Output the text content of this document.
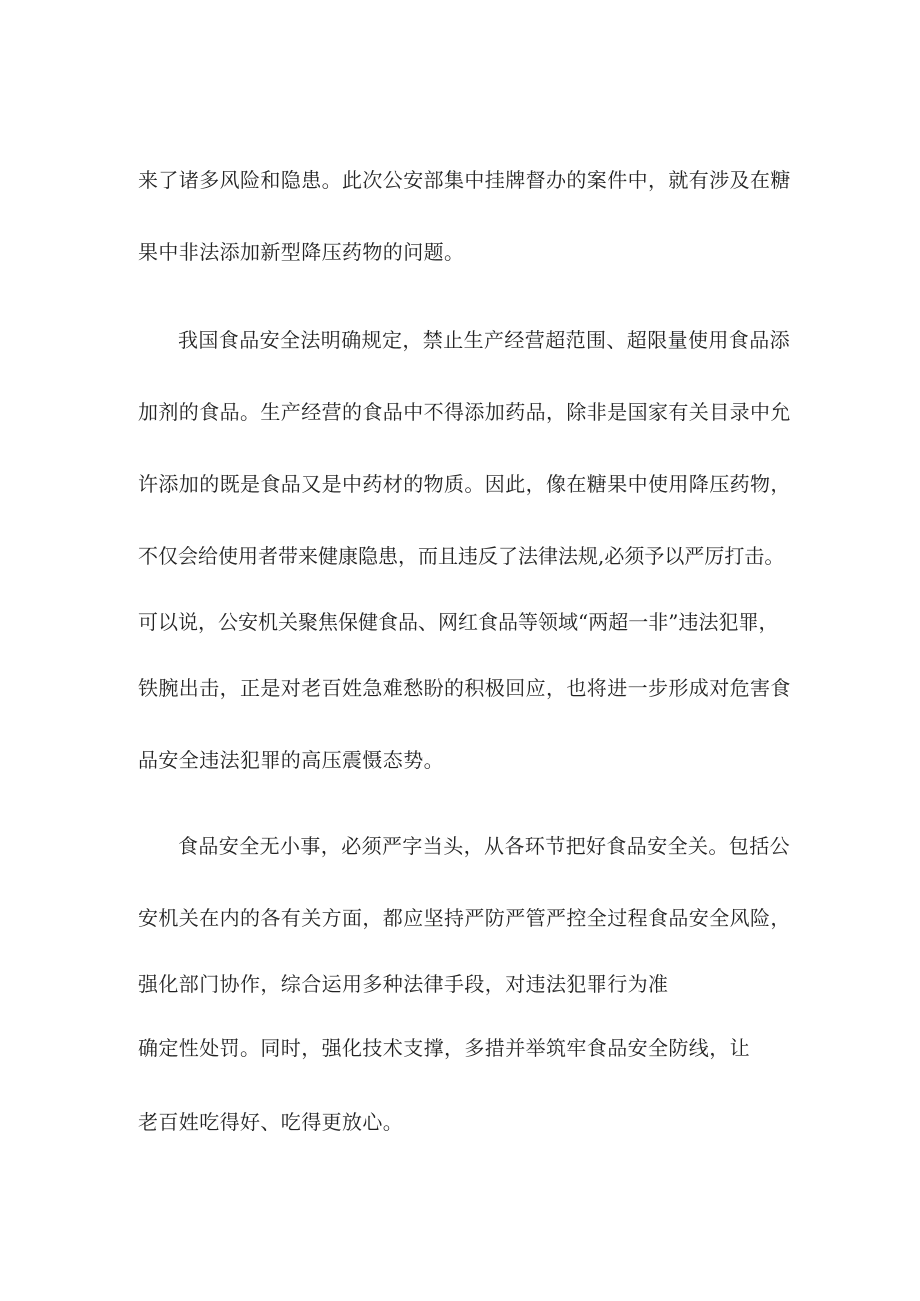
来了诸多风险和隐患。此次公安部集中挂牌督办的案件中，就有涉及在糖
果中非法添加新型降压药物的问题。
我国食品安全法明确规定，禁止生产经营超范围、超限量使用食品添
加剂的食品。生产经营的食品中不得添加药品，除非是国家有关目录中允
许添加的既是食品又是中药材的物质。因此，像在糖果中使用降压药物，
不仅会给使用者带来健康隐患，而且违反了法律法规,必须予以严厉打击。
可以说，公安机关聚焦保健食品、网红食品等领域“两超一非”违法犯罪，
铁腕出击，正是对老百姓急难愁盼的积极回应，也将进一步形成对危害食
品安全违法犯罪的高压震慑态势。
食品安全无小事，必须严字当头，从各环节把好食品安全关。包括公
安机关在内的各有关方面，都应坚持严防严管严控全过程食品安全风险，
强化部门协作，综合运用多种法律手段，对违法犯罪行为准
确定性处罚。同时，强化技术支撑，多措并举筑牢食品安全防线，让
老百姓吃得好、吃得更放心。
